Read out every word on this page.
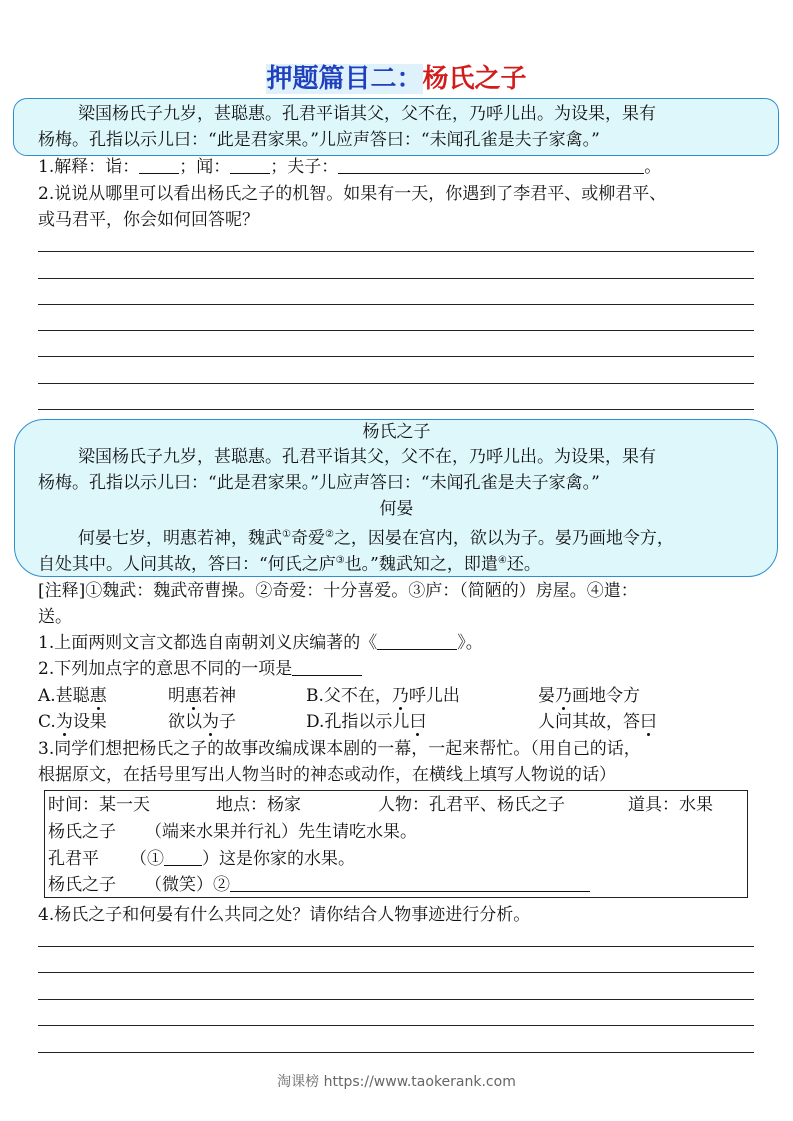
押题篇目二：杨氏之子
梁国杨氏子九岁，甚聪惠。孔君平诣其父，父不在，乃呼儿出。为设果，果有
杨梅。孔指以示儿曰：“此是君家果。”儿应声答曰：“未闻孔雀是夫子家禽。”
1.解释：诣： ；闻： ；夫子：	。
2.说说从哪里可以看出杨氏之子的机智。如果有一天，你遇到了李君平、或柳君平、
或马君平，你会如何回答呢？
杨氏之子
梁国杨氏子九岁，甚聪惠。孔君平诣其父，父不在，乃呼儿出。为设果，果有
杨梅。孔指以示儿曰：“此是君家果。”儿应声答曰：“未闻孔雀是夫子家禽。”
何晏
何晏七岁，明惠若神，魏武①奇爱②之，因晏在宫内，欲以为子。晏乃画地令方，
自处其中。人问其故，答曰：“何氏之庐③也。”魏武知之，即遣④还。
[注释]①魏武：魏武帝曹操。②奇爱：十分喜爱。③庐：（简陋的）房屋。④遣：
送。
1.上面两则文言文都选自南朝刘义庆编著的《	》。
2.下列加点字的意思不同的一项是
A.甚聪惠	明惠若神	B.父不在，乃呼儿出	晏乃画地令方
C.为设果	欲以为子	D.孔指以示儿曰	人问其故，答曰
3.同学们想把杨氏之子的故事改编成课本剧的一幕，一起来帮忙。（用自己的话，
根据原文，在括号里写出人物当时的神态或动作，在横线上填写人物说的话）
时间：某一天	地点：杨家	人物：孔君平、杨氏之子	道具：水果
杨氏之子 （端来水果并行礼）先生请吃水果。
孔君平 （① ）这是你家的水果。
杨氏之子 （微笑）②
4.杨氏之子和何晏有什么共同之处？请你结合人物事迹进行分析。
淘课榜 https://www.taokerank.com
